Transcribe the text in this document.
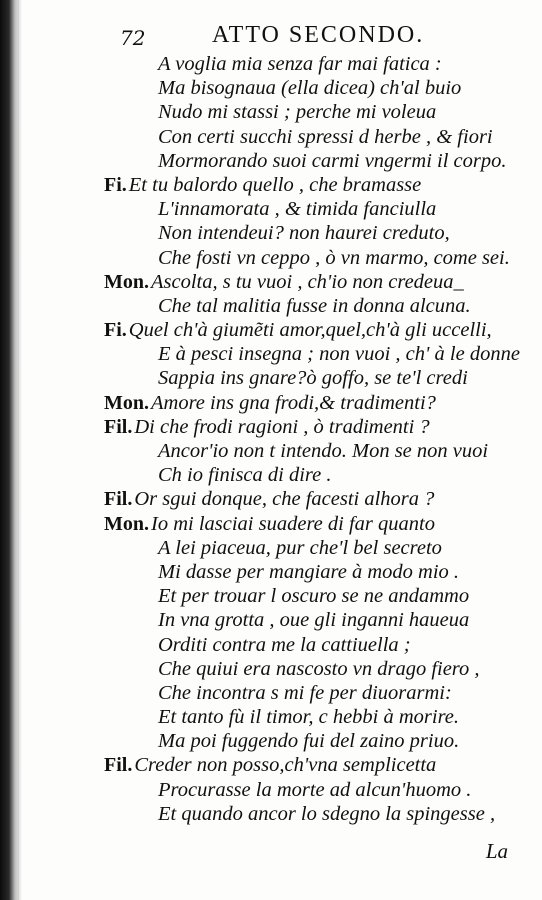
72	ATTO SECONDO.
A voglia mia senza far mai fatica :
Ma bisognaua (ella dicea) ch'al buio
Nudo mi stassi ; perche mi voleua
Con certi succhi spressi d herbe , & fiori
Mormorando suoi carmi vngermi il corpo.
Fi. Et tu balordo quello , che bramasse
L'innamorata , & timida fanciulla
Non intendeui? non haurei creduto,
Che fosti vn ceppo , ò vn marmo, come sei.
Mon. Ascolta, s tu vuoi , ch'io non credeua_
Che tal malitia fusse in donna alcuna.
Fi. Quel ch'à giumẽti amor,quel,ch'à gli uccelli,
E à pesci insegna ; non vuoi , ch' à le donne
Sappia ins gnare?ò goffo, se te'l credi
Mon. Amore ins gna frodi,& tradimenti?
Fil. Di che frodi ragioni , ò tradimenti ?
Ancor'io non t intendo. Mon se non vuoi
Ch io finisca di dire .
Fil. Or sgui donque, che facesti alhora ?
Mon. Io mi lasciai suadere di far quanto
A lei piaceua, pur che'l bel secreto
Mi dasse per mangiare à modo mio .
Et per trouar l oscuro se ne andammo
In vna grotta , oue gli inganni haueua
Orditi contra me la cattiuella ;
Che quiui era nascosto vn drago fiero ,
Che incontra s mi fe per diuorarmi:
Et tanto fù il timor, c hebbi à morire.
Ma poi fuggendo fui del zaino priuo.
Fil. Creder non posso,ch'vna semplicetta
Procurasse la morte ad alcun'huomo .
Et quando ancor lo sdegno la spingesse ,
La
